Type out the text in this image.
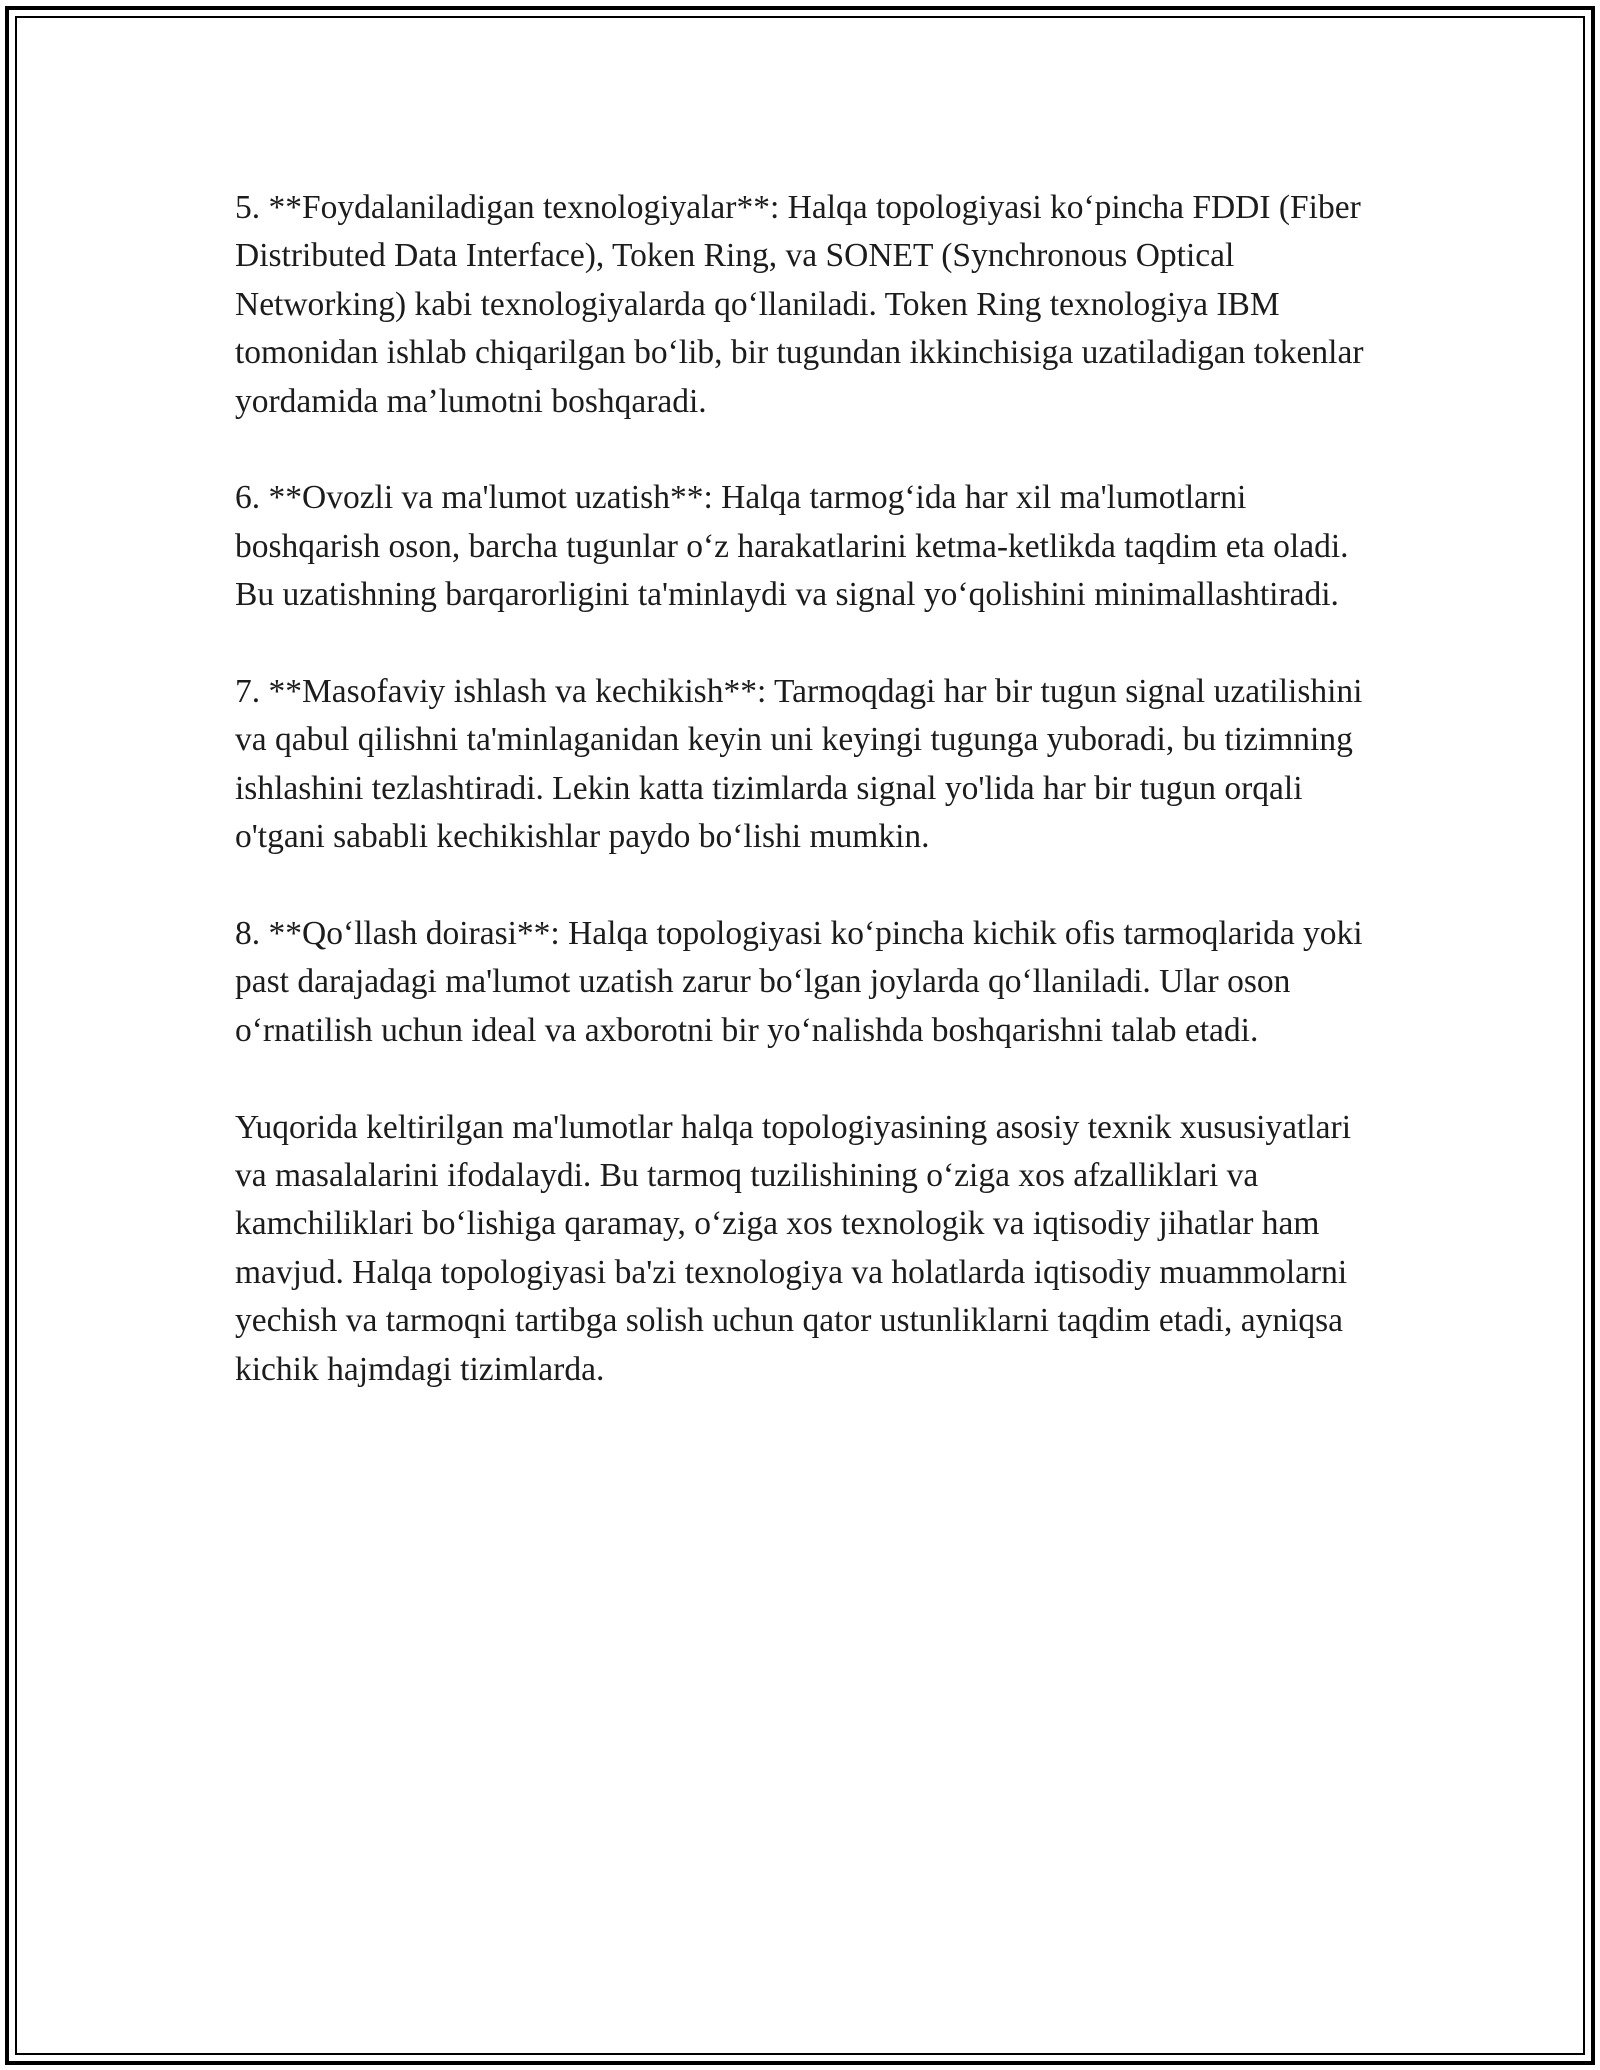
5. **Foydalaniladigan texnologiyalar**: Halqa topologiyasi ko‘pincha FDDI (Fiber Distributed Data Interface), Token Ring, va SONET (Synchronous Optical Networking) kabi texnologiyalarda qo‘llaniladi. Token Ring texnologiya IBM tomonidan ishlab chiqarilgan bo‘lib, bir tugundan ikkinchisiga uzatiladigan tokenlar yordamida ma’lumotni boshqaradi.

6. **Ovozli va ma'lumot uzatish**: Halqa tarmog‘ida har xil ma'lumotlarni boshqarish oson, barcha tugunlar o‘z harakatlarini ketma-ketlikda taqdim eta oladi. Bu uzatishning barqarorligini ta'minlaydi va signal yo‘qolishini minimallashtiradi.

7. **Masofaviy ishlash va kechikish**: Tarmoqdagi har bir tugun signal uzatilishini va qabul qilishni ta'minlaganidan keyin uni keyingi tugunga yuboradi, bu tizimning ishlashini tezlashtiradi. Lekin katta tizimlarda signal yo'lida har bir tugun orqali o'tgani sababli kechikishlar paydo bo‘lishi mumkin.

8. **Qo‘llash doirasi**: Halqa topologiyasi ko‘pincha kichik ofis tarmoqlarida yoki past darajadagi ma'lumot uzatish zarur bo‘lgan joylarda qo‘llaniladi. Ular oson o‘rnatilish uchun ideal va axborotni bir yo‘nalishda boshqarishni talab etadi.

Yuqorida keltirilgan ma'lumotlar halqa topologiyasining asosiy texnik xususiyatlari va masalalarini ifodalaydi. Bu tarmoq tuzilishining o‘ziga xos afzalliklari va kamchiliklari bo‘lishiga qaramay, o‘ziga xos texnologik va iqtisodiy jihatlar ham mavjud. Halqa topologiyasi ba'zi texnologiya va holatlarda iqtisodiy muammolarni yechish va tarmoqni tartibga solish uchun qator ustunliklarni taqdim etadi, ayniqsa kichik hajmdagi tizimlarda.
